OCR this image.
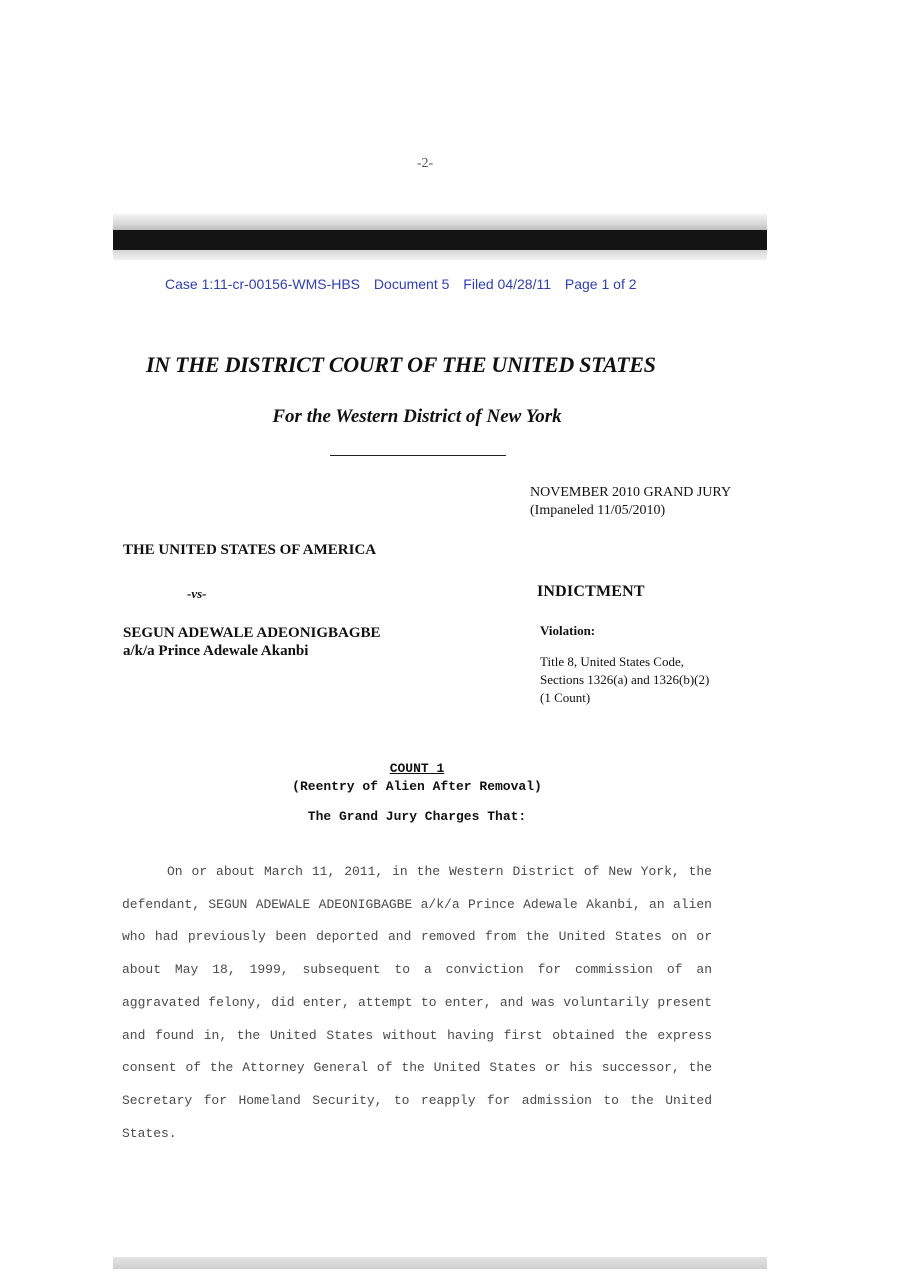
-2-
Case 1:11-cr-00156-WMS-HBS Document 5 Filed 04/28/11 Page 1 of 2
IN THE DISTRICT COURT OF THE UNITED STATES
For the Western District of New York
NOVEMBER 2010 GRAND JURY
(Impaneled 11/05/2010)
THE UNITED STATES OF AMERICA
-vs-	INDICTMENT
SEGUN ADEWALE ADEONIGBAGBE
a/k/a Prince Adewale Akanbi
Violation:
Title 8, United States Code,
Sections 1326(a) and 1326(b)(2)
(1 Count)
COUNT 1
(Reentry of Alien After Removal)
The Grand Jury Charges That:

On or about March 11, 2011, in the Western District of New York, the defendant, SEGUN ADEWALE ADEONIGBAGBE a/k/a Prince Adewale Akanbi, an alien who had previously been deported and removed from the United States on or about May 18, 1999, subsequent to a conviction for commission of an aggravated felony, did enter, attempt to enter, and was voluntarily present and found in, the United States without having first obtained the express consent of the Attorney General of the United States or his successor, the Secretary for Homeland Security, to reapply for admission to the United States.
